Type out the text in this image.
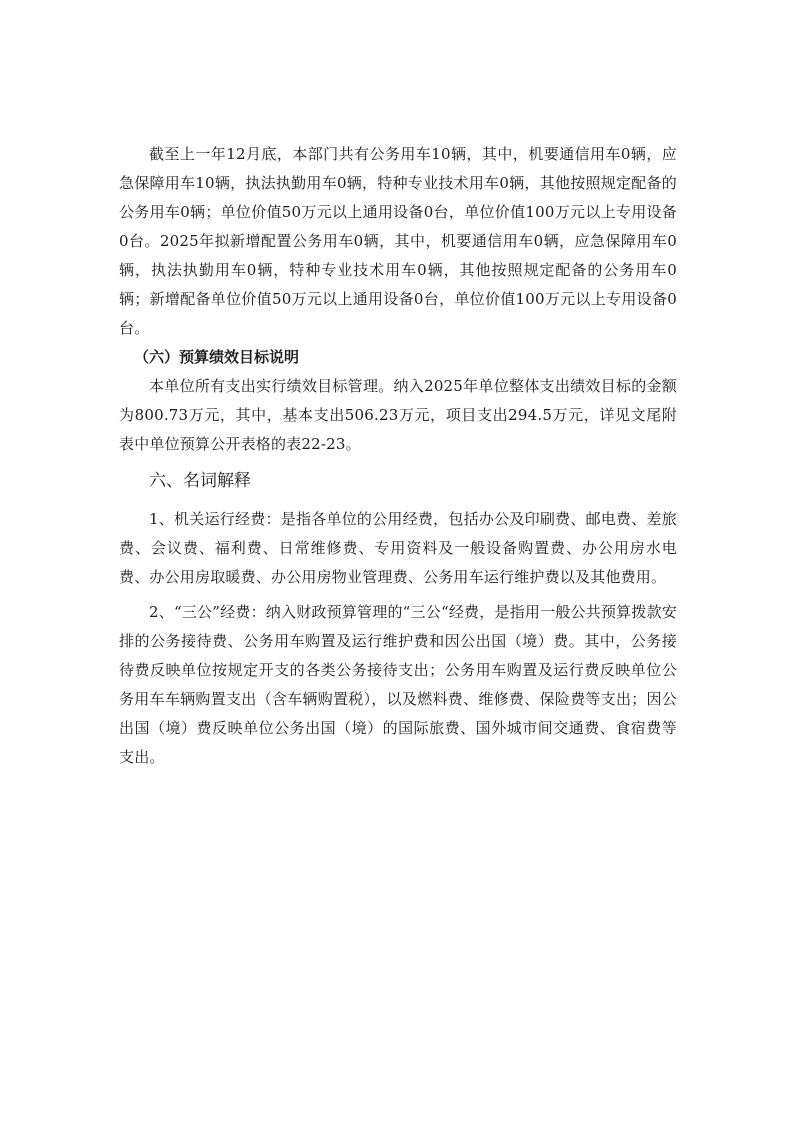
截至上一年12月底，本部门共有公务用车10辆，其中，机要通信用车0辆，应急保障用车10辆，执法执勤用车0辆，特种专业技术用车0辆，其他按照规定配备的公务用车0辆；单位价值50万元以上通用设备0台，单位价值100万元以上专用设备0台。2025年拟新增配置公务用车0辆，其中，机要通信用车0辆，应急保障用车0辆，执法执勤用车0辆，特种专业技术用车0辆，其他按照规定配备的公务用车0辆；新增配备单位价值50万元以上通用设备0台，单位价值100万元以上专用设备0台。

（六）预算绩效目标说明

本单位所有支出实行绩效目标管理。纳入2025年单位整体支出绩效目标的金额为800.73万元，其中，基本支出506.23万元，项目支出294.5万元，详见文尾附表中单位预算公开表格的表22-23。

六、名词解释

1、机关运行经费：是指各单位的公用经费，包括办公及印刷费、邮电费、差旅费、会议费、福利费、日常维修费、专用资料及一般设备购置费、办公用房水电费、办公用房取暖费、办公用房物业管理费、公务用车运行维护费以及其他费用。

2、“三公”经费：纳入财政预算管理的“三公“经费，是指用一般公共预算拨款安排的公务接待费、公务用车购置及运行维护费和因公出国（境）费。其中，公务接待费反映单位按规定开支的各类公务接待支出；公务用车购置及运行费反映单位公务用车车辆购置支出（含车辆购置税），以及燃料费、维修费、保险费等支出；因公出国（境）费反映单位公务出国（境）的国际旅费、国外城市间交通费、食宿费等支出。
